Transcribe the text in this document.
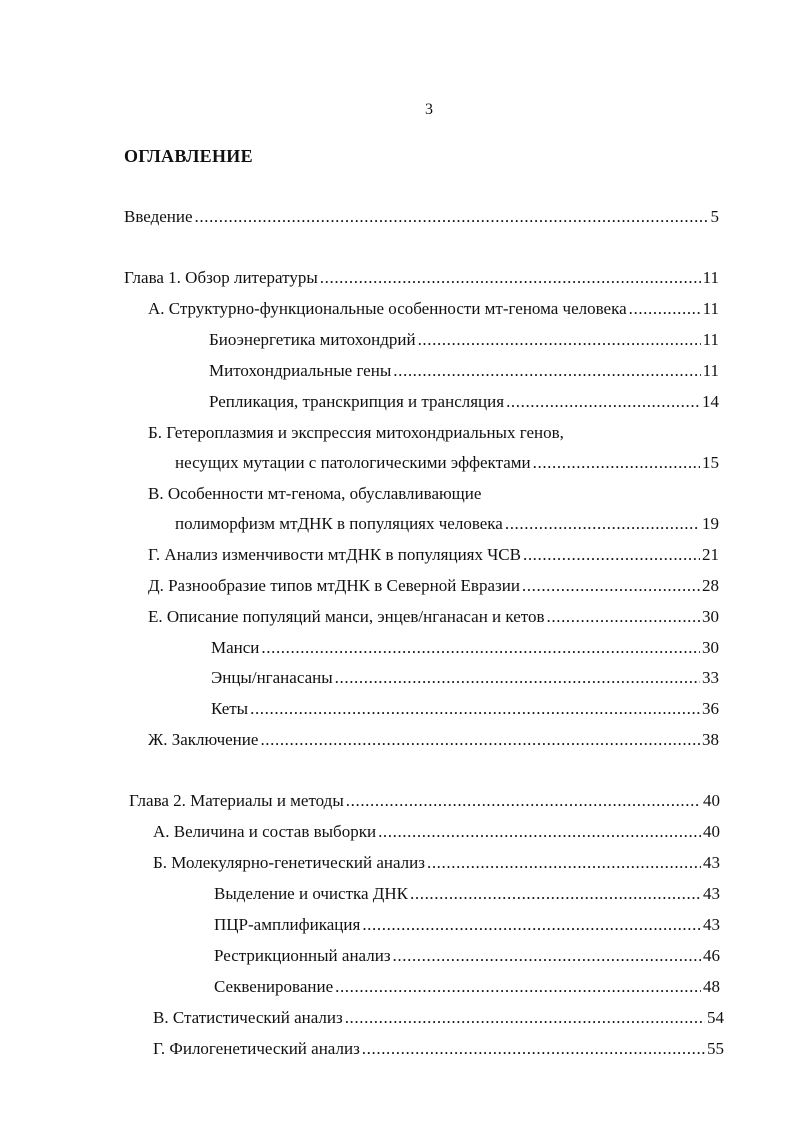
3
ОГЛАВЛЕНИЕ
Введение .....	5
Глава 1. Обзор литературы .....	11
А. Структурно-функциональные особенности мт-генома человека .....	11
Биоэнергетика митохондрий .....	11
Митохондриальные гены .....	11
Репликация, транскрипция и трансляция .....	14
Б. Гетероплазмия и экспрессия митохондриальных генов,
несущих мутации с патологическими эффектами .....	15
В. Особенности мт-генома, обуславливающие
полиморфизм мтДНК в популяциях человека .....	19
Г. Анализ изменчивости мтДНК в популяциях ЧСВ .....	21
Д. Разнообразие типов мтДНК в Северной Евразии .....	28
Е. Описание популяций манси, энцев/нганасан и кетов .....	30
Манси .....	30
Энцы/нганасаны .....	33
Кеты .....	36
Ж. Заключение .....	38
Глава 2. Материалы и методы .....	40
А. Величина и состав выборки .....	40
Б. Молекулярно-генетический анализ .....	43
Выделение и очистка ДНК .....	43
ПЦР-амплификация .....	43
Рестрикционный анализ .....	46
Секвенирование .....	48
В. Статистический анализ .....	54
Г. Филогенетический анализ .....	55
